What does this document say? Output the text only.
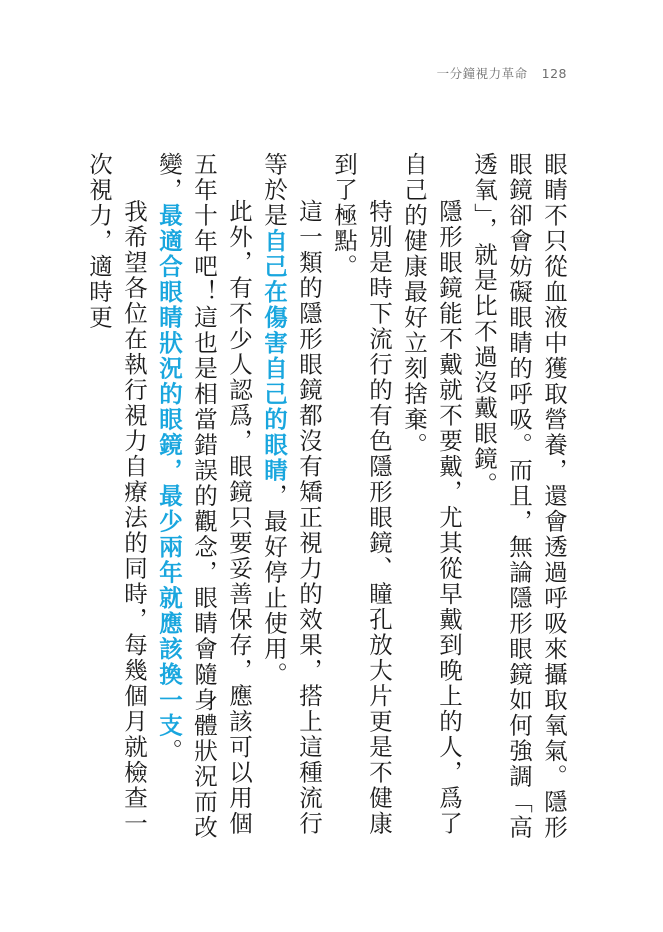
一分鐘視力革命 128

眼睛不只從血液中獲取營養，還會透過呼吸來攝取氧氣。隱形眼鏡卻會妨礙眼睛的呼吸。而且，無論隱形眼鏡如何強調「高透氧」，就是比不過沒戴眼鏡。

隱形眼鏡能不戴就不要戴，尤其從早戴到晚上的人，爲了自己的健康最好立刻捨棄。

特別是時下流行的有色隱形眼鏡、瞳孔放大片更是不健康到了極點。

這一類的隱形眼鏡都沒有矯正視力的效果，搭上這種流行等於是自己在傷害自己的眼睛，最好停止使用。

此外，有不少人認爲，眼鏡只要妥善保存，應該可以用個五年十年吧！這也是相當錯誤的觀念，眼睛會隨身體狀況而改變，最適合眼睛狀況的眼鏡，最少兩年就應該換一支。

我希望各位在執行視力自療法的同時，每幾個月就檢查一次視力，適時更
